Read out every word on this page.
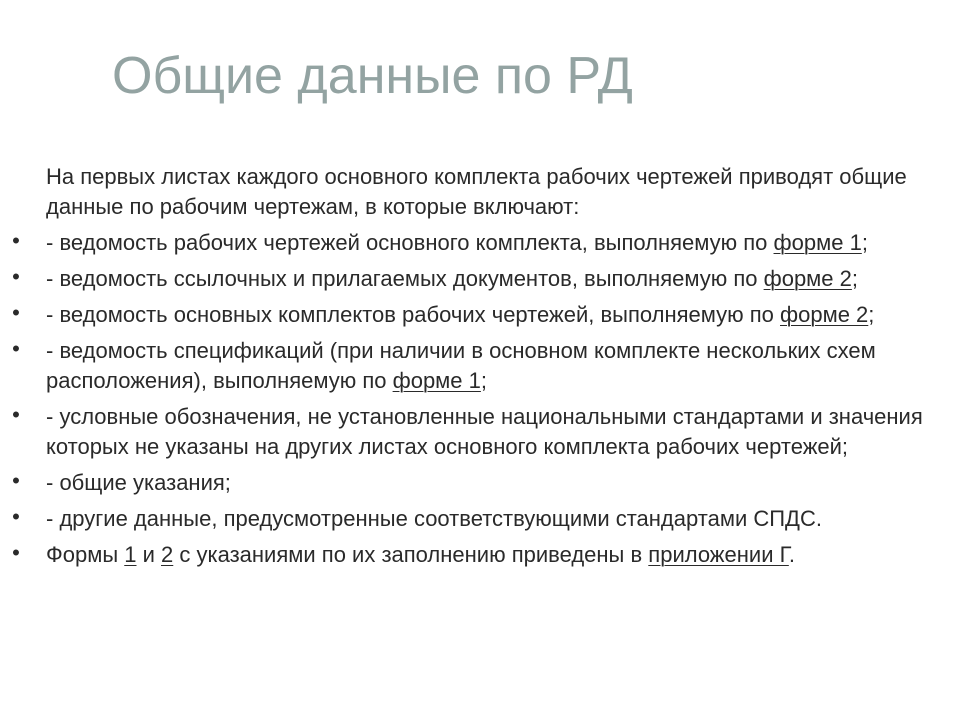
Общие данные по РД

На первых листах каждого основного комплекта рабочих чертежей приводят общие данные по рабочим чертежам, в которые включают:

• - ведомость рабочих чертежей основного комплекта, выполняемую по форме 1;

• - ведомость ссылочных и прилагаемых документов, выполняемую по форме 2;

• - ведомость основных комплектов рабочих чертежей, выполняемую по форме 2;

• - ведомость спецификаций (при наличии в основном комплекте нескольких схем расположения), выполняемую по форме 1;

• - условные обозначения, не установленные национальными стандартами и значения которых не указаны на других листах основного комплекта рабочих чертежей;

• - общие указания;

• - другие данные, предусмотренные соответствующими стандартами СПДС.

• Формы 1 и 2 с указаниями по их заполнению приведены в приложении Г.
